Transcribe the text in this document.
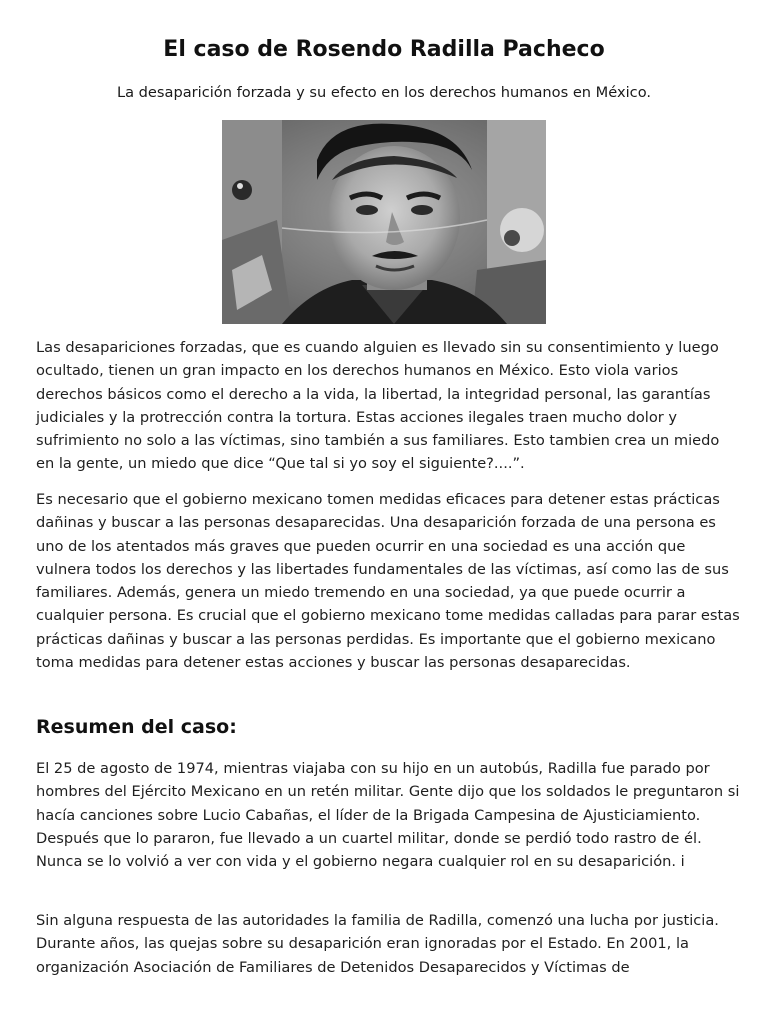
El caso de Rosendo Radilla Pacheco

La desaparición forzada y su efecto en los derechos humanos en México.

Las desapariciones forzadas, que es cuando alguien es llevado sin su consentimiento y luego ocultado, tienen un gran impacto en los derechos humanos en México. Esto viola varios derechos básicos como el derecho a la vida, la libertad, la integridad personal, las garantías judiciales y la protrección contra la tortura. Estas acciones ilegales traen mucho dolor y sufrimiento no solo a las víctimas, sino también a sus familiares. Esto tambien crea un miedo en la gente, un miedo que dice “Que tal si yo soy el siguiente?....”.

Es necesario que el gobierno mexicano tomen medidas eficaces para detener estas prácticas dañinas y buscar a las personas desaparecidas. Una desaparición forzada de una persona es uno de los atentados más graves que pueden ocurrir en una sociedad es una acción que vulnera todos los derechos y las libertades fundamentales de las víctimas, así como las de sus familiares. Además, genera un miedo tremendo en una sociedad, ya que puede ocurrir a cualquier persona. Es crucial que el gobierno mexicano tome medidas calladas para parar estas prácticas dañinas y buscar a las personas perdidas. Es importante que el gobierno mexicano toma medidas para detener estas acciones y buscar las personas desaparecidas.

Resumen del caso:

El 25 de agosto de 1974, mientras viajaba con su hijo en un autobús, Radilla fue parado por hombres del Ejército Mexicano en un retén militar. Gente dijo que los soldados le preguntaron si hacía canciones sobre Lucio Cabañas, el líder de la Brigada Campesina de Ajusticiamiento. Después que lo pararon, fue llevado a un cuartel militar, donde se perdió todo rastro de él. Nunca se lo volvió a ver con vida y el gobierno negara cualquier rol en su desaparición. i

Sin alguna respuesta de las autoridades la familia de Radilla, comenzó una lucha por justicia. Durante años, las quejas sobre su desaparición eran ignoradas por el Estado. En 2001, la organización Asociación de Familiares de Detenidos Desaparecidos y Víctimas de
